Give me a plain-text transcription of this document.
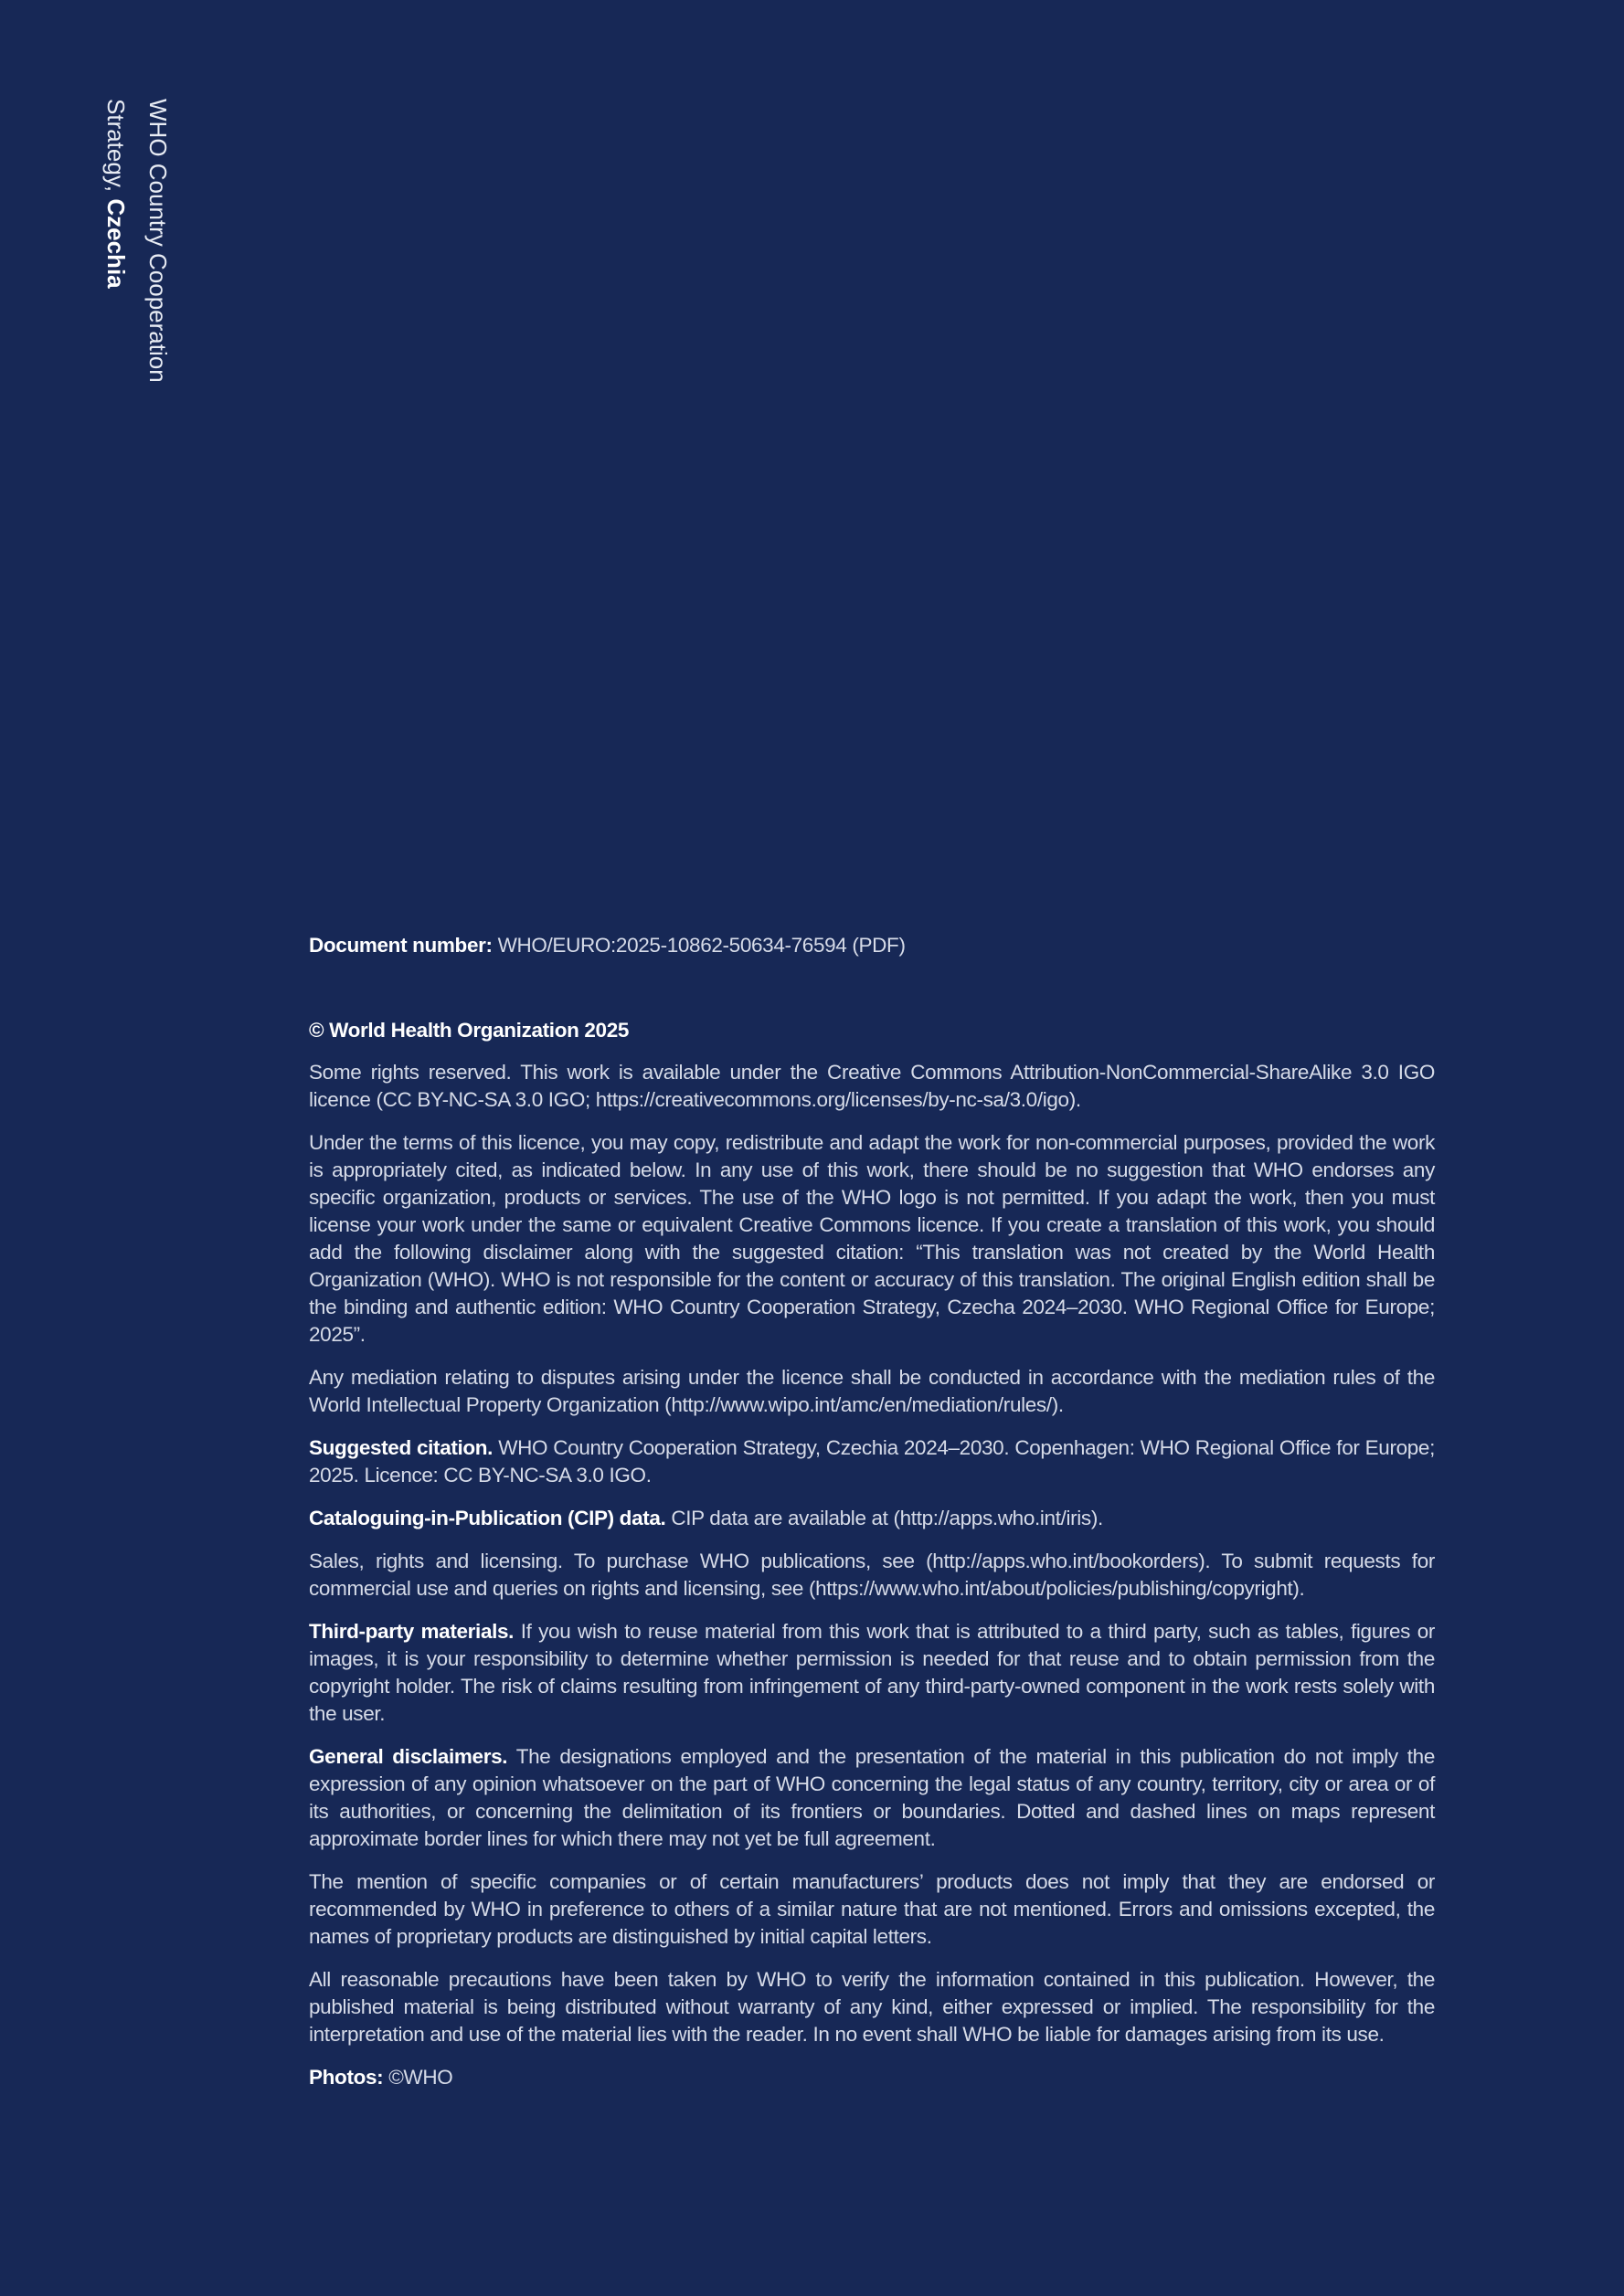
WHO Country Cooperation
Strategy, Czechia

Document number: WHO/EURO:2025-10862-50634-76594 (PDF)

© World Health Organization 2025

Some rights reserved. This work is available under the Creative Commons Attribution-NonCommercial-ShareAlike 3.0 IGO licence (CC BY-NC-SA 3.0 IGO; https://creativecommons.org/licenses/by-nc-sa/3.0/igo).

Under the terms of this licence, you may copy, redistribute and adapt the work for non-commercial purposes, provided the work is appropriately cited, as indicated below. In any use of this work, there should be no suggestion that WHO endorses any specific organization, products or services. The use of the WHO logo is not permitted. If you adapt the work, then you must license your work under the same or equivalent Creative Commons licence. If you create a translation of this work, you should add the following disclaimer along with the suggested citation: “This translation was not created by the World Health Organization (WHO). WHO is not responsible for the content or accuracy of this translation. The original English edition shall be the binding and authentic edition: WHO Country Cooperation Strategy, Czecha 2024–2030. WHO Regional Office for Europe; 2025”.

Any mediation relating to disputes arising under the licence shall be conducted in accordance with the mediation rules of the World Intellectual Property Organization (http://www.wipo.int/amc/en/mediation/rules/).

Suggested citation. WHO Country Cooperation Strategy, Czechia 2024–2030. Copenhagen: WHO Regional Office for Europe; 2025. Licence: CC BY-NC-SA 3.0 IGO.

Cataloguing-in-Publication (CIP) data. CIP data are available at (http://apps.who.int/iris).

Sales, rights and licensing. To purchase WHO publications, see (http://apps.who.int/bookorders). To submit requests for commercial use and queries on rights and licensing, see (https://www.who.int/about/policies/publishing/copyright).

Third-party materials. If you wish to reuse material from this work that is attributed to a third party, such as tables, figures or images, it is your responsibility to determine whether permission is needed for that reuse and to obtain permission from the copyright holder. The risk of claims resulting from infringement of any third-party-owned component in the work rests solely with the user.

General disclaimers. The designations employed and the presentation of the material in this publication do not imply the expression of any opinion whatsoever on the part of WHO concerning the legal status of any country, territory, city or area or of its authorities, or concerning the delimitation of its frontiers or boundaries. Dotted and dashed lines on maps represent approximate border lines for which there may not yet be full agreement.

The mention of specific companies or of certain manufacturers’ products does not imply that they are endorsed or recommended by WHO in preference to others of a similar nature that are not mentioned. Errors and omissions excepted, the names of proprietary products are distinguished by initial capital letters.

All reasonable precautions have been taken by WHO to verify the information contained in this publication. However, the published material is being distributed without warranty of any kind, either expressed or implied. The responsibility for the interpretation and use of the material lies with the reader. In no event shall WHO be liable for damages arising from its use.

Photos: ©WHO
